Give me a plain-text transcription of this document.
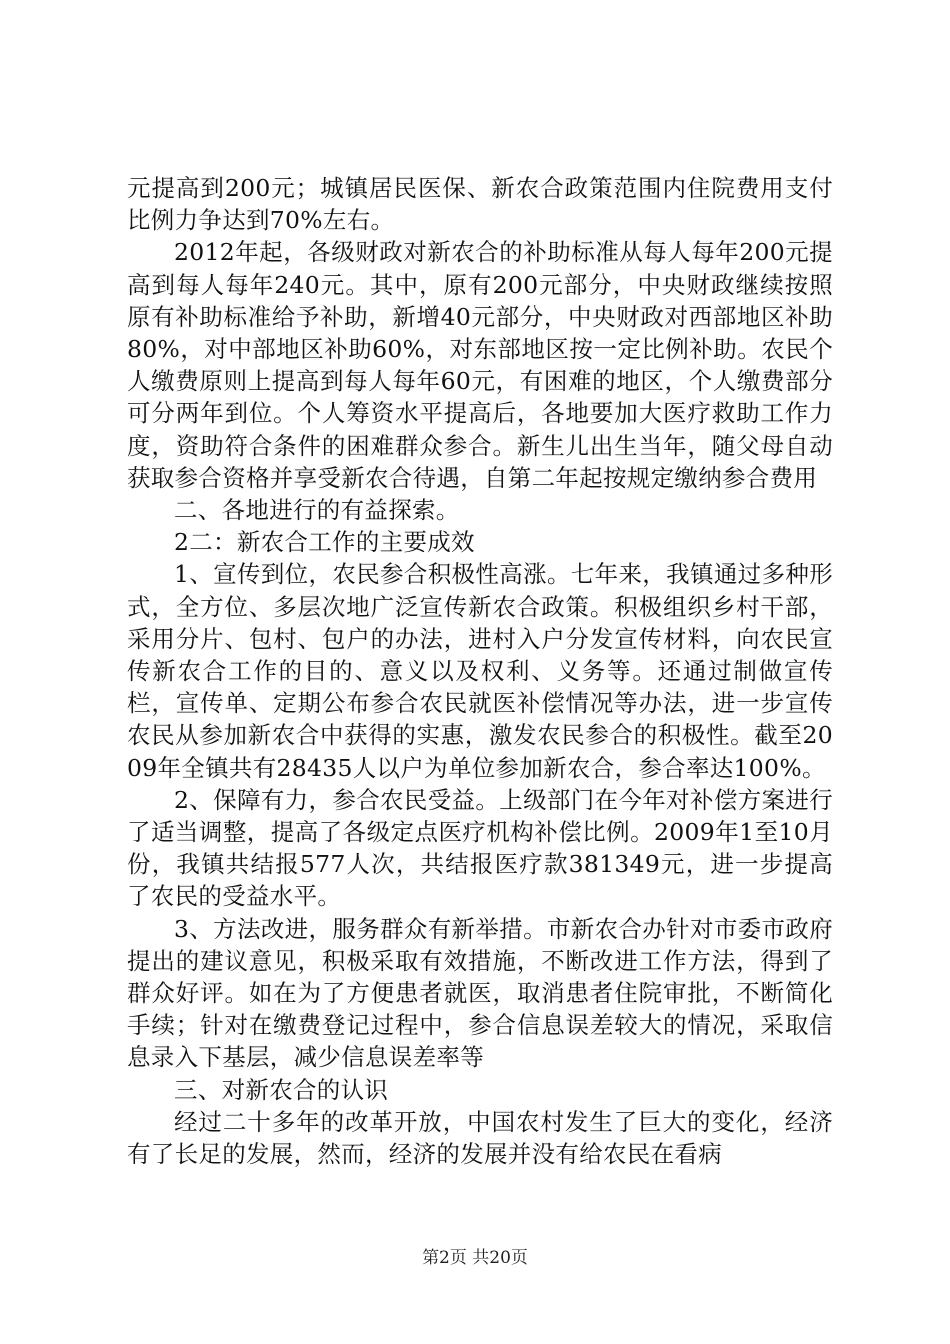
元提高到200元；城镇居民医保、新农合政策范围内住院费用支付比例力争达到70%左右。

2012年起，各级财政对新农合的补助标准从每人每年200元提高到每人每年240元。其中，原有200元部分，中央财政继续按照原有补助标准给予补助，新增40元部分，中央财政对西部地区补助80%，对中部地区补助60%，对东部地区按一定比例补助。农民个人缴费原则上提高到每人每年60元，有困难的地区，个人缴费部分可分两年到位。个人筹资水平提高后，各地要加大医疗救助工作力度，资助符合条件的困难群众参合。新生儿出生当年，随父母自动获取参合资格并享受新农合待遇，自第二年起按规定缴纳参合费用

二、各地进行的有益探索。

2二：新农合工作的主要成效

1、宣传到位，农民参合积极性高涨。七年来，我镇通过多种形式，全方位、多层次地广泛宣传新农合政策。积极组织乡村干部，采用分片、包村、包户的办法，进村入户分发宣传材料，向农民宣传新农合工作的目的、意义以及权利、义务等。还通过制做宣传栏，宣传单、定期公布参合农民就医补偿情况等办法，进一步宣传农民从参加新农合中获得的实惠，激发农民参合的积极性。截至2009年全镇共有28435人以户为单位参加新农合，参合率达100%。

2、保障有力，参合农民受益。上级部门在今年对补偿方案进行了适当调整，提高了各级定点医疗机构补偿比例。2009年1至10月份，我镇共结报577人次，共结报医疗款381349元，进一步提高了农民的受益水平。

3、方法改进，服务群众有新举措。市新农合办针对市委市政府提出的建议意见，积极采取有效措施，不断改进工作方法，得到了群众好评。如在为了方便患者就医，取消患者住院审批，不断简化手续；针对在缴费登记过程中，参合信息误差较大的情况，采取信息录入下基层，减少信息误差率等

三、对新农合的认识

经过二十多年的改革开放，中国农村发生了巨大的变化，经济有了长足的发展，然而，经济的发展并没有给农民在看病

第2页 共20页
